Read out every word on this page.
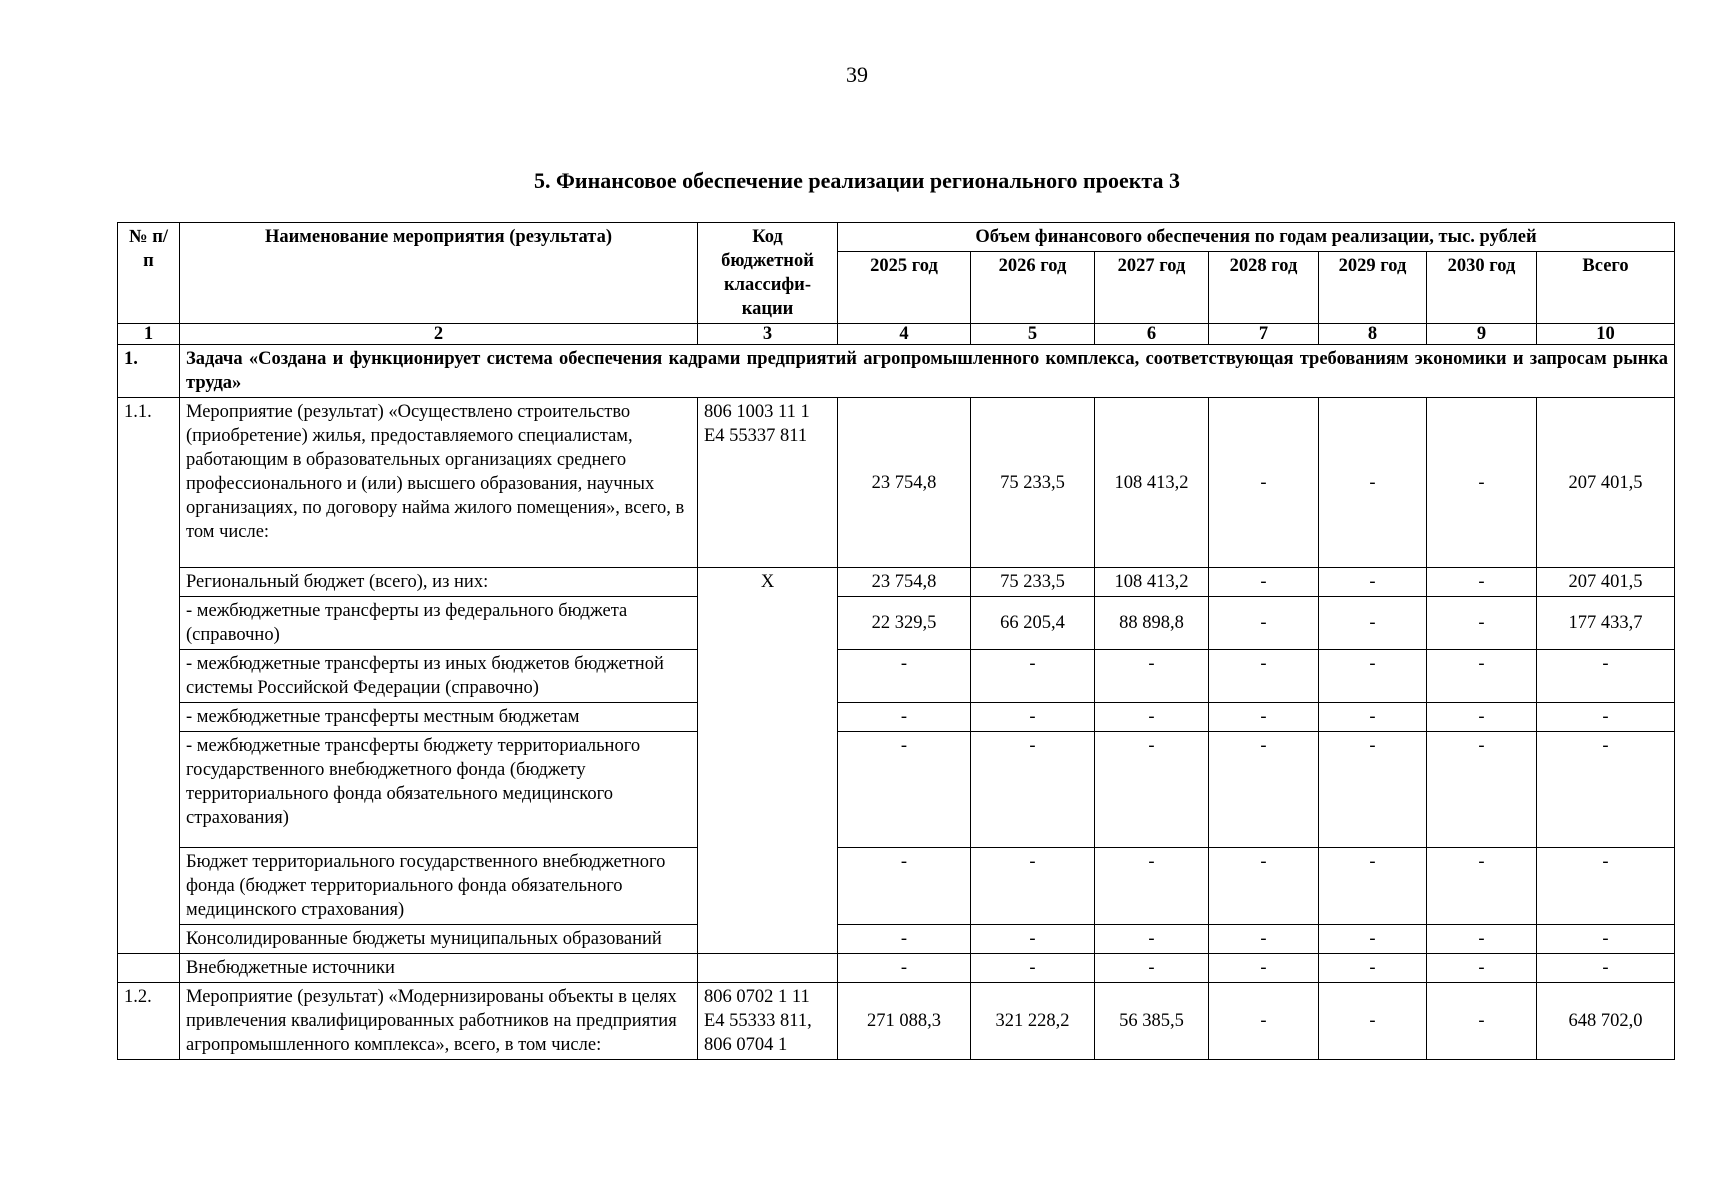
39
5. Финансовое обеспечение реализации регионального проекта 3
№ п/п	Наименование мероприятия (результата)	Код бюджетной классифи-кации	Объем финансового обеспечения по годам реализации, тыс. рублей						
			2025 год	2026 год	2027 год	2028 год	2029 год	2030 год	Всего
1	2	3	4	5	6	7	8	9	10
1.	Задача «Создана и функционирует система обеспечения кадрами предприятий агропромышленного комплекса, соответствующая требованиям экономики и запросам рынка труда»								
1.1.	Мероприятие (результат) «Осуществлено строительство (приобретение) жилья, предоставляемого специалистам, работающим в образовательных организациях среднего профессионального и (или) высшего образования, научных организациях, по договору найма жилого помещения», всего, в том числе:	806 1003 11 1 Е4 55337 811	23 754,8	75 233,5	108 413,2	-	-	-	207 401,5
	Региональный бюджет (всего), из них:	Х	23 754,8	75 233,5	108 413,2	-	-	-	207 401,5
	- межбюджетные трансферты из федерального бюджета (справочно)		22 329,5	66 205,4	88 898,8	-	-	-	177 433,7
	- межбюджетные трансферты из иных бюджетов бюджетной системы Российской Федерации (справочно)		-	-	-	-	-	-	-
	- межбюджетные трансферты местным бюджетам		-	-	-	-	-	-	-
	- межбюджетные трансферты бюджету территориального государственного внебюджетного фонда (бюджету территориального фонда обязательного медицинского страхования)		-	-	-	-	-	-	-
	Бюджет территориального государственного внебюджетного фонда (бюджет территориального фонда обязательного медицинского страхования)		-	-	-	-	-	-	-
	Консолидированные бюджеты муниципальных образований		-	-	-	-	-	-	-
	Внебюджетные источники		-	-	-	-	-	-	-
1.2.	Мероприятие (результат) «Модернизированы объекты в целях привлечения квалифицированных работников на предприятия агропромышленного комплекса», всего, в том числе:	806 0702 1 11 Е4 55333 811, 806 0704 1	271 088,3	321 228,2	56 385,5	-	-	-	648 702,0
